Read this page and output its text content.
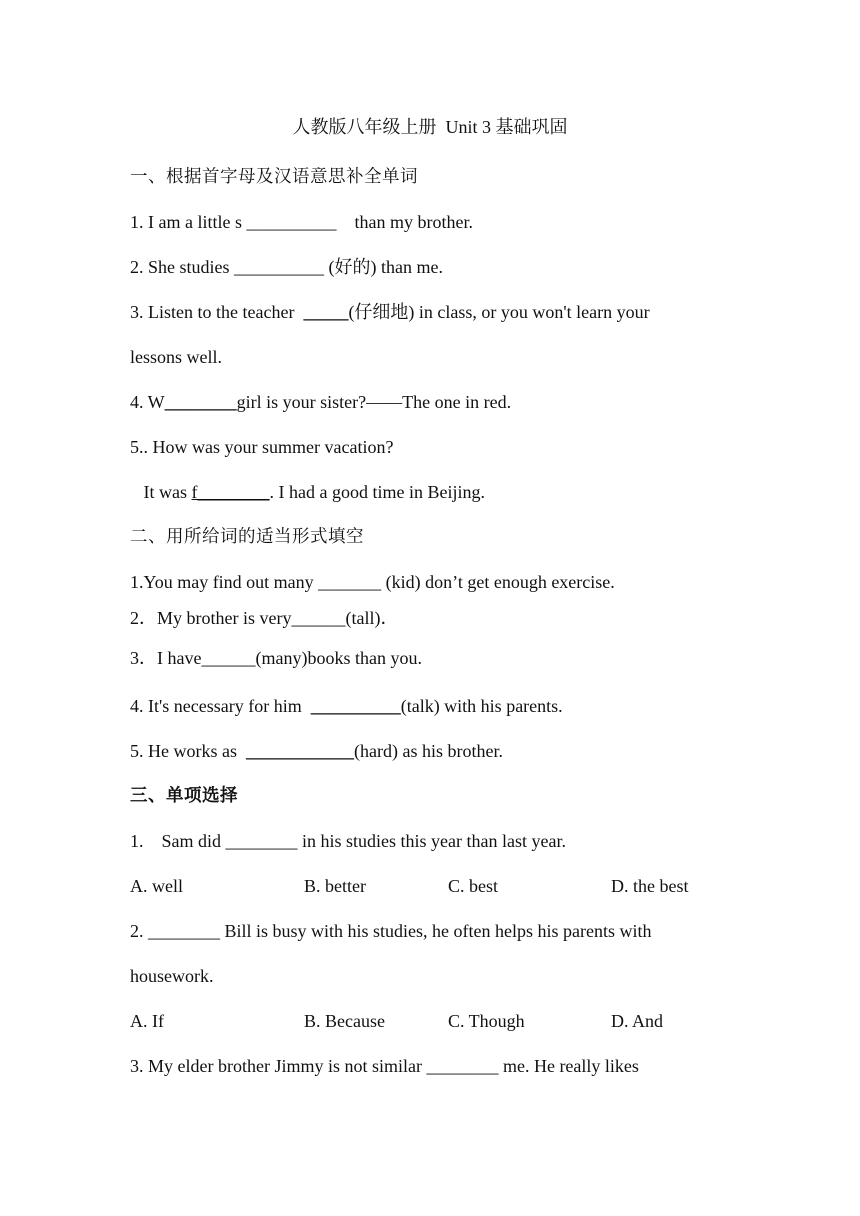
人教版八年级上册  Unit 3 基础巩固
一、根据首字母及汉语意思补全单词
1. I am a little s __________    than my brother.
2. She studies __________ (好的) than me.
3. Listen to the teacher  _____(仔细地) in class, or you won't learn your
lessons well.
4. W________girl is your sister?——The one in red.
5.. How was your summer vacation?
It was f________. I had a good time in Beijing.
二、用所给词的适当形式填空
1.You may find out many _______ (kid) don’t get enough exercise.
2．My brother is very______(tall)．
3．I have______(many)books than you.
4. It's necessary for him  __________(talk) with his parents.
5. He works as  ____________(hard) as his brother.
三、单项选择
1.    Sam did ________ in his studies this year than last year.
A. well	B. better	C. best	D. the best
2. ________ Bill is busy with his studies, he often helps his parents with
housework.
A. If	B. Because	C. Though	D. And
3. My elder brother Jimmy is not similar ________ me. He really likes
